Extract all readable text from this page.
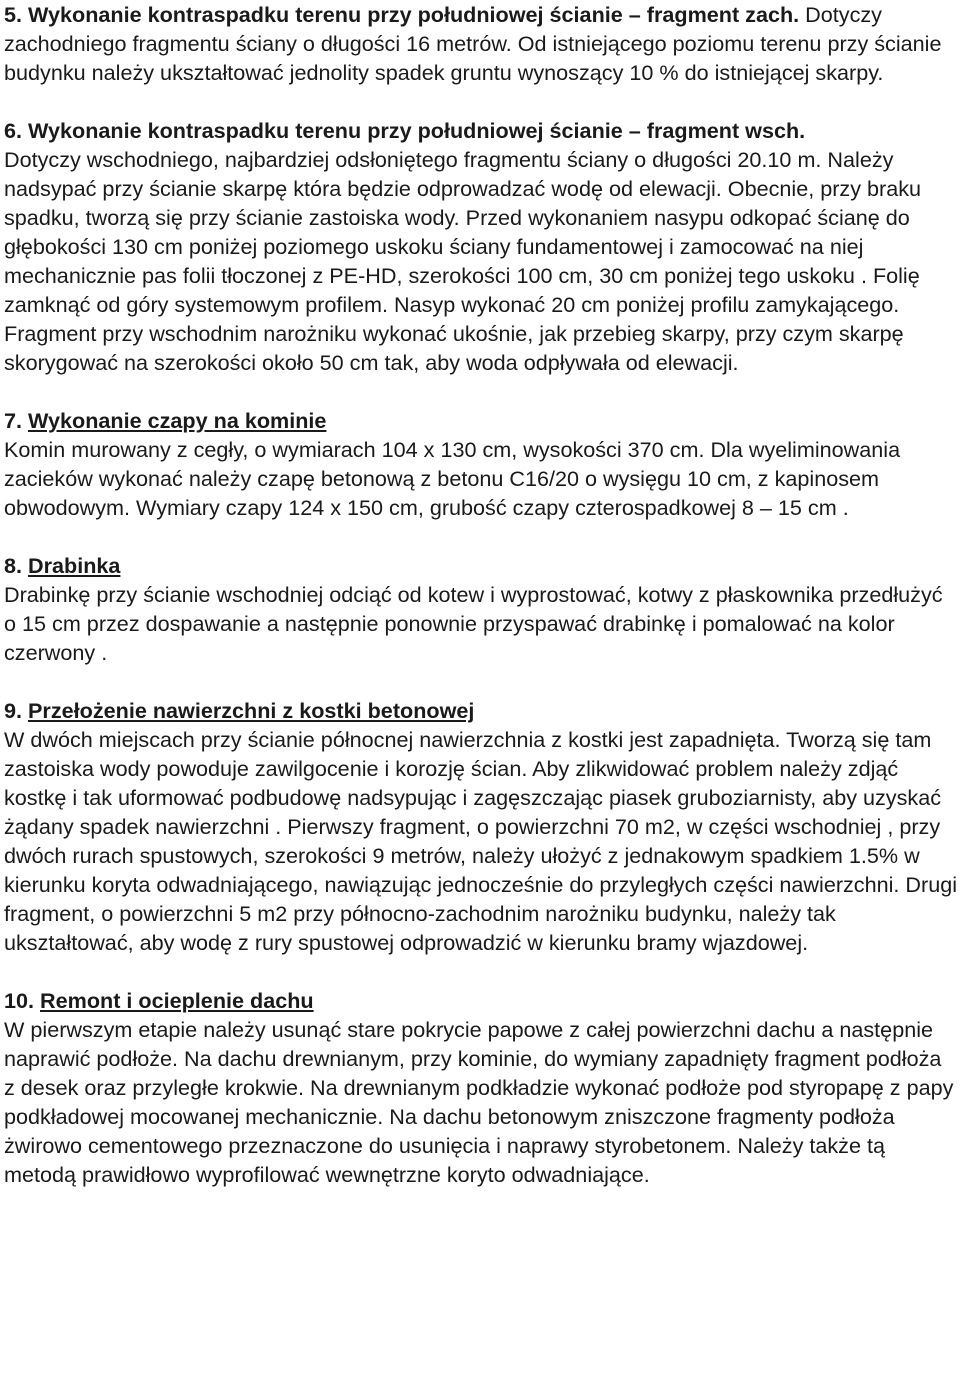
5. Wykonanie kontraspadku terenu przy południowej ścianie – fragment zach. Dotyczy zachodniego fragmentu ściany o długości 16 metrów. Od istniejącego poziomu terenu przy ścianie budynku należy ukształtować jednolity spadek gruntu wynoszący 10 % do istniejącej skarpy.
6. Wykonanie kontraspadku terenu przy południowej ścianie – fragment wsch.
Dotyczy wschodniego, najbardziej odsłoniętego fragmentu ściany o długości 20.10 m. Należy nadsypać przy ścianie skarpę która będzie odprowadzać wodę od elewacji. Obecnie, przy braku spadku, tworzą się przy ścianie zastoiska wody. Przed wykonaniem nasypu odkopać ścianę do głębokości 130 cm poniżej poziomego uskoku ściany fundamentowej i zamocować na niej mechanicznie pas folii tłoczonej z PE-HD, szerokości 100 cm, 30 cm poniżej tego uskoku . Folię zamknąć od góry systemowym profilem. Nasyp wykonać 20 cm poniżej profilu zamykającego. Fragment przy wschodnim narożniku wykonać ukośnie, jak przebieg skarpy, przy czym skarpę skorygować na szerokości około 50 cm tak, aby woda odpływała od elewacji.
7. Wykonanie czapy na kominie
Komin murowany z cegły, o wymiarach 104 x 130 cm, wysokości 370 cm. Dla wyeliminowania zacieków wykonać należy czapę betonową z betonu C16/20 o wysięgu 10 cm, z kapinosem obwodowym. Wymiary czapy 124 x 150 cm, grubość czapy czterospadkowej 8 – 15 cm .
8. Drabinka
Drabinkę przy ścianie wschodniej odciąć od kotew i wyprostować, kotwy z płaskownika przedłużyć o 15 cm przez dospawanie a następnie ponownie przyspawać drabinkę i pomalować na kolor czerwony .
9. Przełożenie nawierzchni z kostki betonowej
W dwóch miejscach przy ścianie północnej nawierzchnia z kostki jest zapadnięta. Tworzą się tam zastoiska wody powoduje zawilgocenie i korozję ścian. Aby zlikwidować problem należy zdjąć kostkę i tak uformować podbudowę nadsypując i zagęszczając piasek gruboziarnisty, aby uzyskać żądany spadek nawierzchni . Pierwszy fragment, o powierzchni 70 m2, w części wschodniej , przy dwóch rurach spustowych, szerokości 9 metrów, należy ułożyć z jednakowym spadkiem 1.5% w kierunku koryta odwadniającego, nawiązując jednocześnie do przyległych części nawierzchni. Drugi fragment, o powierzchni 5 m2 przy północno-zachodnim narożniku budynku, należy tak ukształtować, aby wodę z rury spustowej odprowadzić w kierunku bramy wjazdowej.
10. Remont i ocieplenie dachu
W pierwszym etapie należy usunąć stare pokrycie papowe z całej powierzchni dachu a następnie naprawić podłoże. Na dachu drewnianym, przy kominie, do wymiany zapadnięty fragment podłoża z desek oraz przyległe krokwie. Na drewnianym podkładzie wykonać podłoże pod styropapę z papy podkładowej mocowanej mechanicznie. Na dachu betonowym zniszczone fragmenty podłoża żwirowo cementowego przeznaczone do usunięcia i naprawy styrobetonem. Należy także tą metodą prawidłowo wyprofilować wewnętrzne koryto odwadniające.
